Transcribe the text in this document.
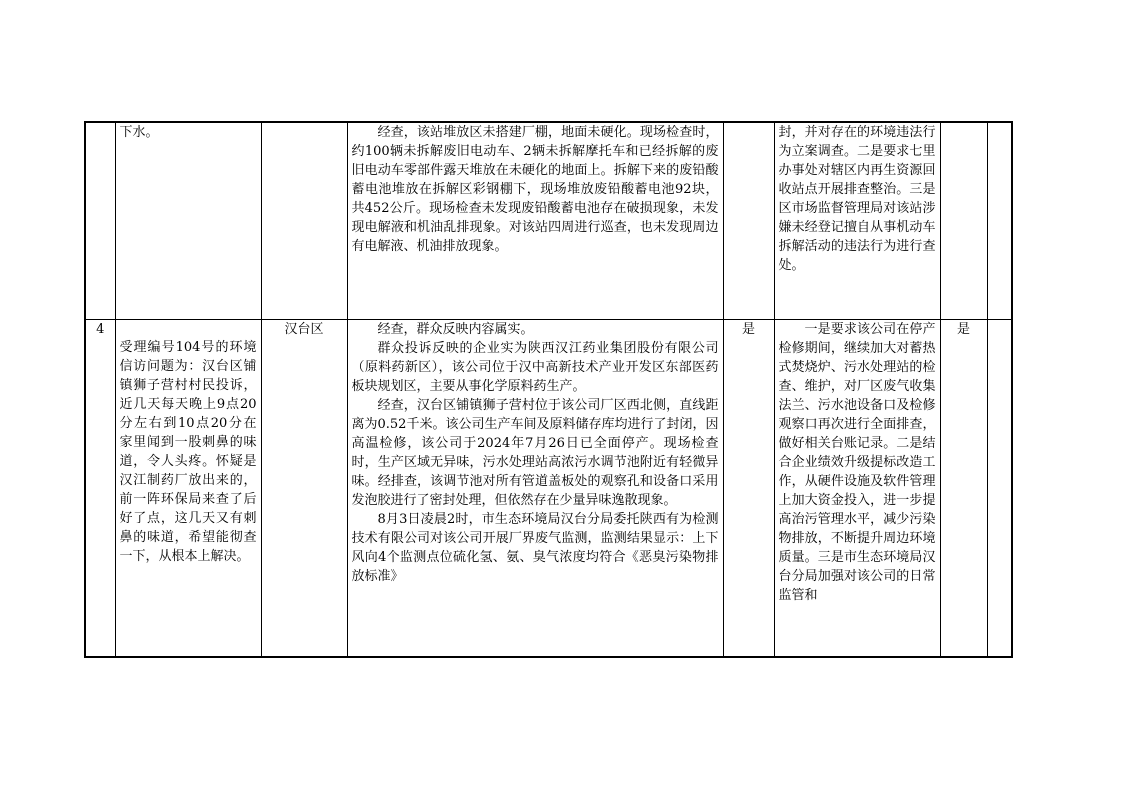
	下水。		经查，该站堆放区未搭建厂棚，地面未硬化。现场检查时，约100辆未拆解废旧电动车、2辆未拆解摩托车和已经拆解的废旧电动车零部件露天堆放在未硬化的地面上。拆解下来的废铅酸蓄电池堆放在拆解区彩钢棚下，现场堆放废铅酸蓄电池92块，共452公斤。现场检查未发现废铅酸蓄电池存在破损现象，未发现电解液和机油乱排现象。对该站四周进行巡查，也未发现周边有电解液、机油排放现象。		封，并对存在的环境违法行为立案调查。二是要求七里办事处对辖区内再生资源回收站点开展排查整治。三是区市场监督管理局对该站涉嫌未经登记擅自从事机动车拆解活动的违法行为进行查处。		

4	受理编号104号的环境信访问题为：汉台区铺镇狮子营村村民投诉，近几天每天晚上9点20分左右到10点20分在家里闻到一股刺鼻的味道，令人头疼。怀疑是汉江制药厂放出来的，前一阵环保局来查了后好了点，这几天又有刺鼻的味道，希望能彻查一下，从根本上解决。	汉台区	经查，群众反映内容属实。

群众投诉反映的企业实为陕西汉江药业集团股份有限公司（原料药新区），该公司位于汉中高新技术产业开发区东部医药板块规划区，主要从事化学原料药生产。

经查，汉台区铺镇狮子营村位于该公司厂区西北侧，直线距离为0.52千米。该公司生产车间及原料储存库均进行了封闭，因高温检修，该公司于2024年7月26日已全面停产。现场检查时，生产区域无异味，污水处理站高浓污水调节池附近有轻微异味。经排查，该调节池对所有管道盖板处的观察孔和设备口采用发泡胶进行了密封处理，但依然存在少量异味逸散现象。

8月3日凌晨2时，市生态环境局汉台分局委托陕西有为检测技术有限公司对该公司开展厂界废气监测，监测结果显示：上下风向4个监测点位硫化氢、氨、臭气浓度均符合《恶臭污染物排放标准》	是	一是要求该公司在停产检修期间，继续加大对蓄热式焚烧炉、污水处理站的检查、维护，对厂区废气收集法兰、污水池设备口及检修观察口再次进行全面排查，做好相关台账记录。二是结合企业绩效升级提标改造工作，从硬件设施及软件管理上加大资金投入，进一步提高治污管理水平，减少污染物排放，不断提升周边环境质量。三是市生态环境局汉台分局加强对该公司的日常监管和	是	
